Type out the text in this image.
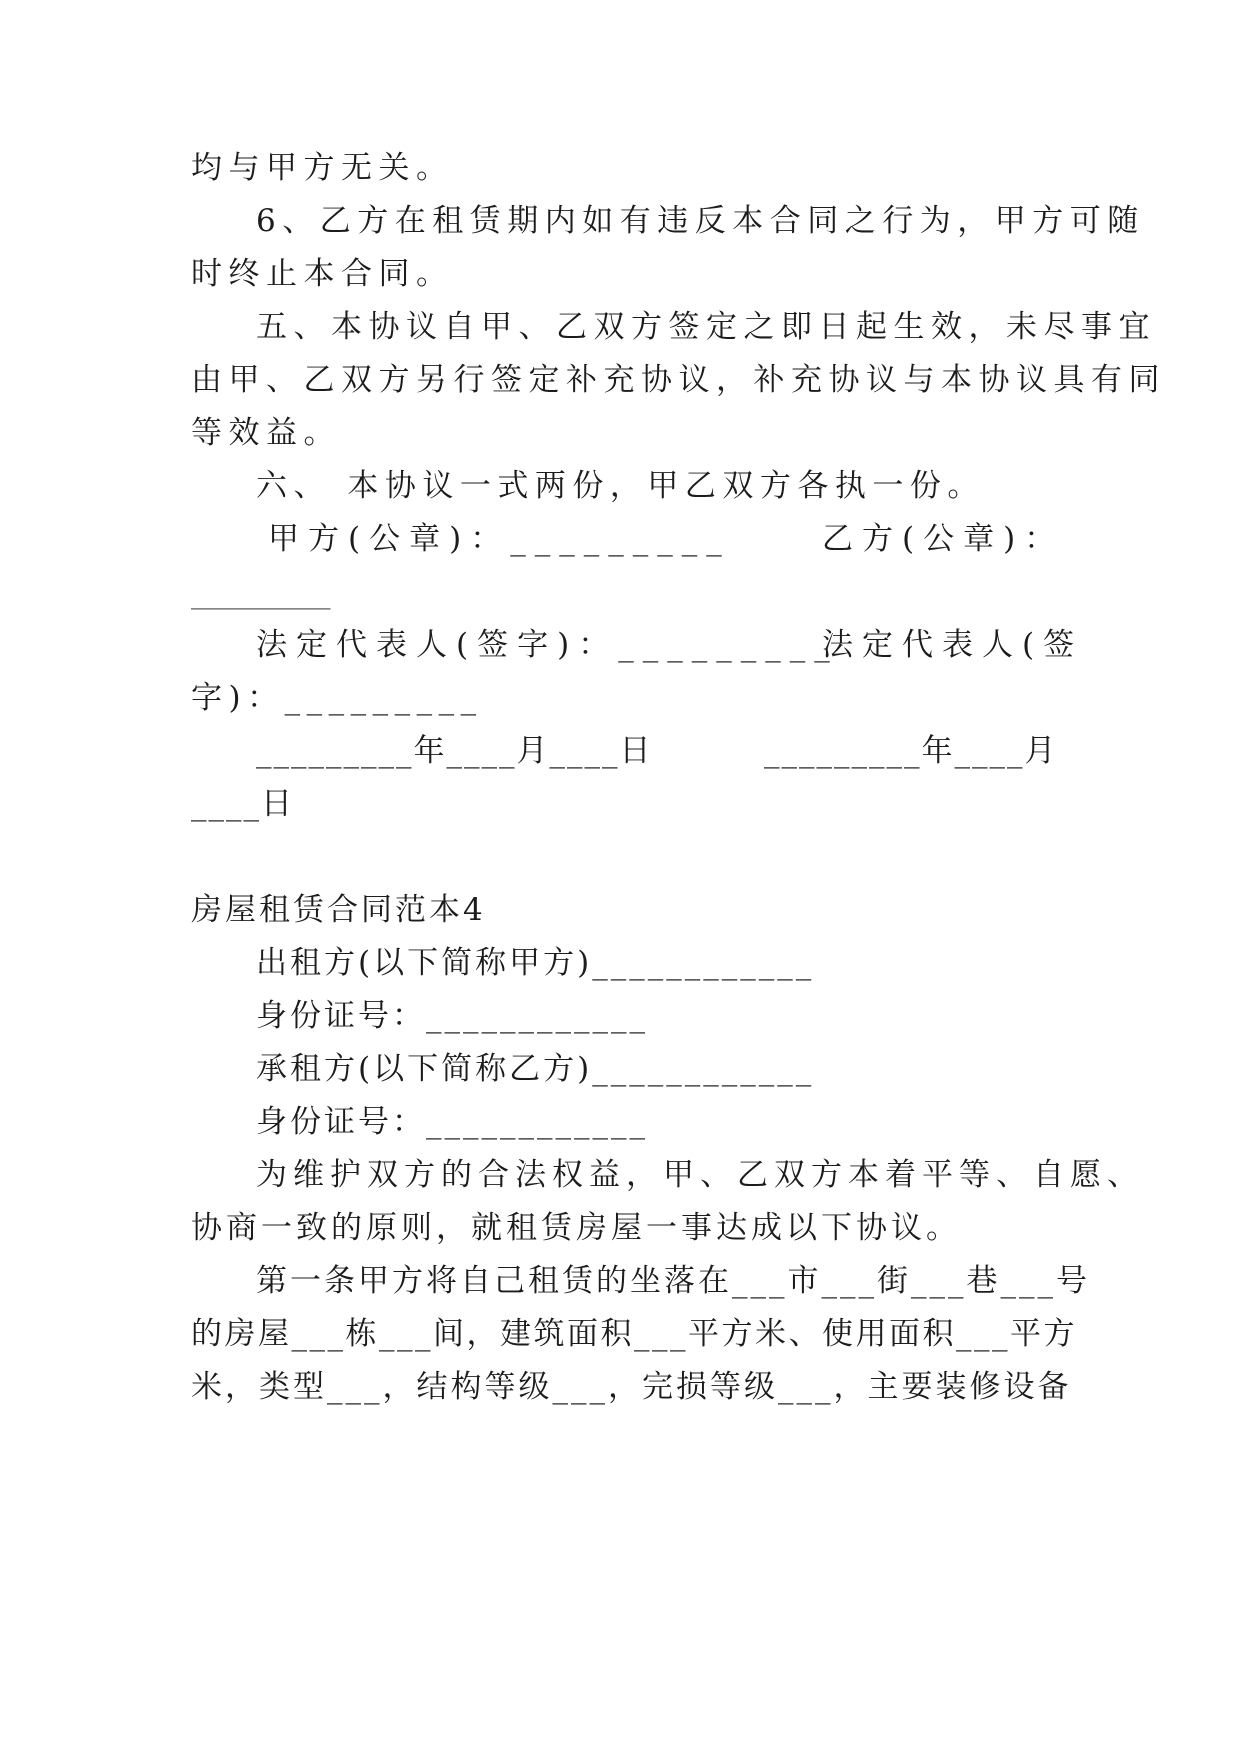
均与甲方无关。
6、乙方在租赁期内如有违反本合同之行为，甲方可随
时终止本合同。
五、本协议自甲、乙双方签定之即日起生效，未尽事宜
由甲、乙双方另行签定补充协议，补充协议与本协议具有同
等效益。
六、 本协议一式两份，甲乙双方各执一份。
甲方(公章)：_________	乙方(公章)：
_________
法定代表人(签字)：_________
法定代表人(签
字)：_________
_________年____月____日	_________年____月
____日
房屋租赁合同范本4
出租方(以下简称甲方)____________
身份证号：____________
承租方(以下简称乙方)____________
身份证号：____________
为维护双方的合法权益，甲、乙双方本着平等、自愿、
协商一致的原则，就租赁房屋一事达成以下协议。
第一条甲方将自己租赁的坐落在___市___街___巷___号
的房屋___栋___间，建筑面积___平方米、使用面积___平方
米，类型___，结构等级___，完损等级___，主要装修设备
